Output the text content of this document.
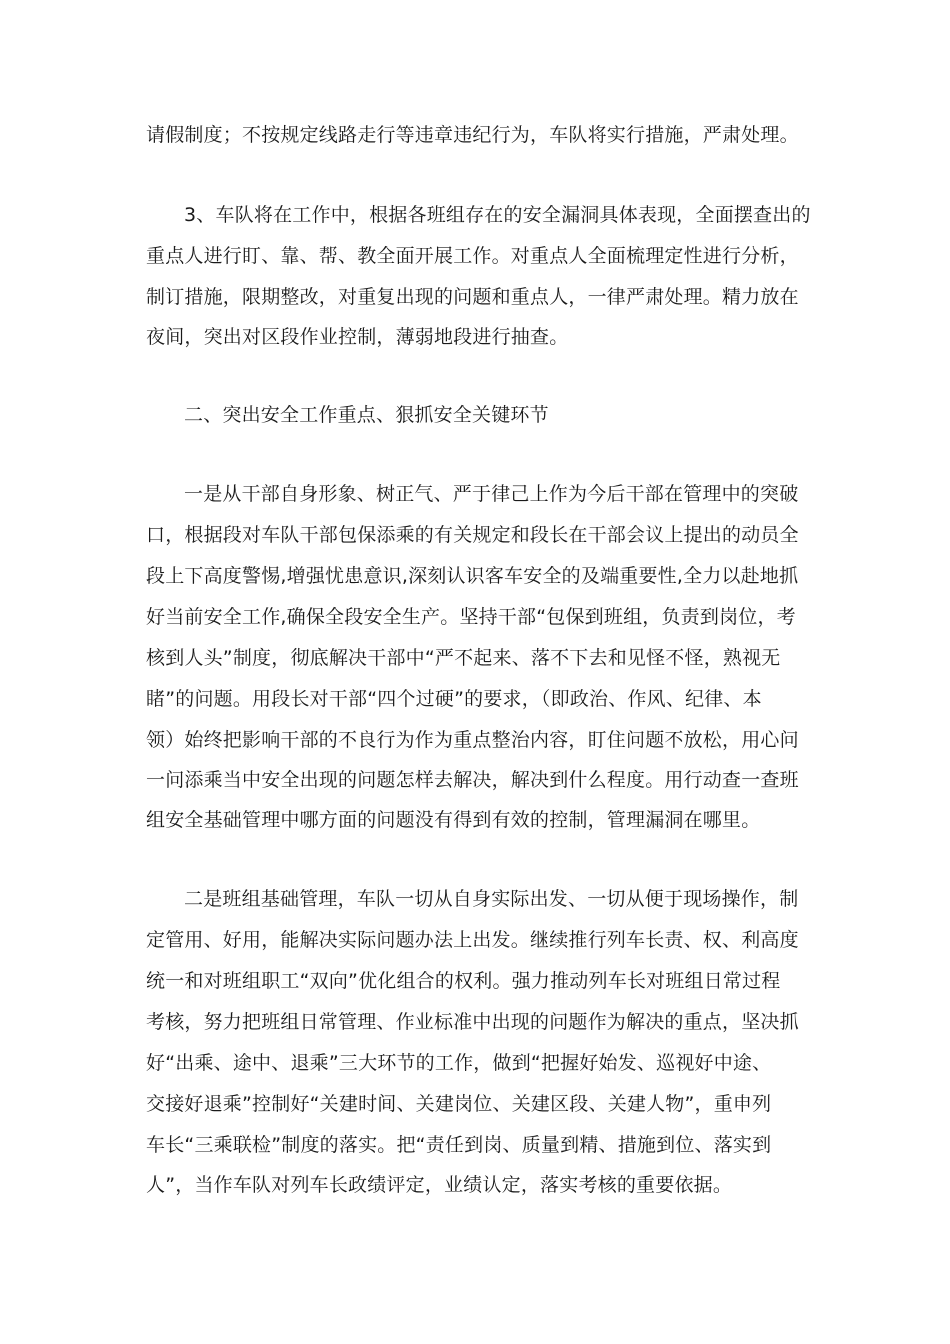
请假制度；不按规定线路走行等违章违纪行为，车队将实行措施，严肃处理。
3、车队将在工作中，根据各班组存在的安全漏洞具体表现，全面摆查出的
重点人进行盯、靠、帮、教全面开展工作。对重点人全面梳理定性进行分析，
制订措施，限期整改，对重复出现的问题和重点人，一律严肃处理。精力放在
夜间，突出对区段作业控制，薄弱地段进行抽查。
二、突出安全工作重点、狠抓安全关键环节
一是从干部自身形象、树正气、严于律己上作为今后干部在管理中的突破
口，根据段对车队干部包保添乘的有关规定和段长在干部会议上提出的动员全
段上下高度警惕,增强忧患意识,深刻认识客车安全的及端重要性,全力以赴地抓
好当前安全工作,确保全段安全生产。坚持干部“包保到班组，负责到岗位，考
核到人头”制度，彻底解决干部中“严不起来、落不下去和见怪不怪，熟视无
睹”的问题。用段长对干部“四个过硬”的要求，（即政治、作风、纪律、本
领）始终把影响干部的不良行为作为重点整治内容，盯住问题不放松，用心问
一问添乘当中安全出现的问题怎样去解决，解决到什么程度。用行动查一查班
组安全基础管理中哪方面的问题没有得到有效的控制，管理漏洞在哪里。
二是班组基础管理，车队一切从自身实际出发、一切从便于现场操作，制
定管用、好用，能解决实际问题办法上出发。继续推行列车长责、权、利高度
统一和对班组职工“双向”优化组合的权利。强力推动列车长对班组日常过程
考核，努力把班组日常管理、作业标准中出现的问题作为解决的重点，坚决抓
好“出乘、途中、退乘”三大环节的工作，做到“把握好始发、巡视好中途、
交接好退乘”控制好“关建时间、关建岗位、关建区段、关建人物”，重申列
车长“三乘联检”制度的落实。把“责任到岗、质量到精、措施到位、落实到
人”，当作车队对列车长政绩评定，业绩认定，落实考核的重要依据。
